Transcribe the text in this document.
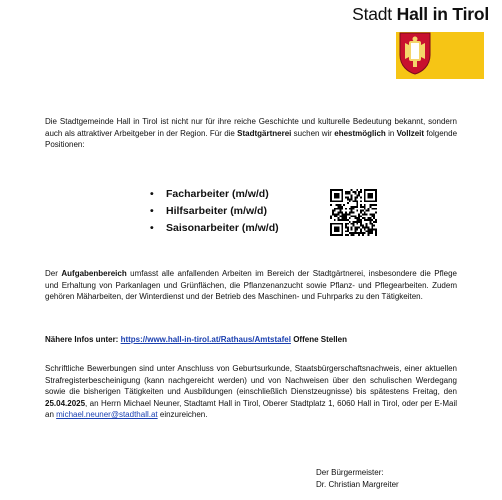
Stadt Hall in Tirol

Die Stadtgemeinde Hall in Tirol ist nicht nur für ihre reiche Geschichte und kulturelle Bedeutung bekannt, sondern auch als attraktiver Arbeitgeber in der Region. Für die Stadtgärtnerei suchen wir ehestmöglich in Vollzeit folgende Positionen:

• Facharbeiter (m/w/d)
• Hilfsarbeiter (m/w/d)
• Saisonarbeiter (m/w/d)

Der Aufgabenbereich umfasst alle anfallenden Arbeiten im Bereich der Stadtgärtnerei, insbesondere die Pflege und Erhaltung von Parkanlagen und Grünflächen, die Pflanzenanzucht sowie Pflanz- und Pflegearbeiten. Zudem gehören Mäharbeiten, der Winterdienst und der Betrieb des Maschinen- und Fuhrparks zu den Tätigkeiten.

Nähere Infos unter: https://www.hall-in-tirol.at/Rathaus/Amtstafel Offene Stellen

Schriftliche Bewerbungen sind unter Anschluss von Geburtsurkunde, Staatsbürgerschaftsnachweis, einer aktuellen Strafregisterbescheinigung (kann nachgereicht werden) und von Nachweisen über den schulischen Werdegang sowie die bisherigen Tätigkeiten und Ausbildungen (einschließlich Dienstzeugnisse) bis spätestens Freitag, den 25.04.2025, an Herrn Michael Neuner, Stadtamt Hall in Tirol, Oberer Stadtplatz 1, 6060 Hall in Tirol, oder per E-Mail an michael.neuner@stadthall.at einzureichen.

Der Bürgermeister:
Dr. Christian Margreiter
